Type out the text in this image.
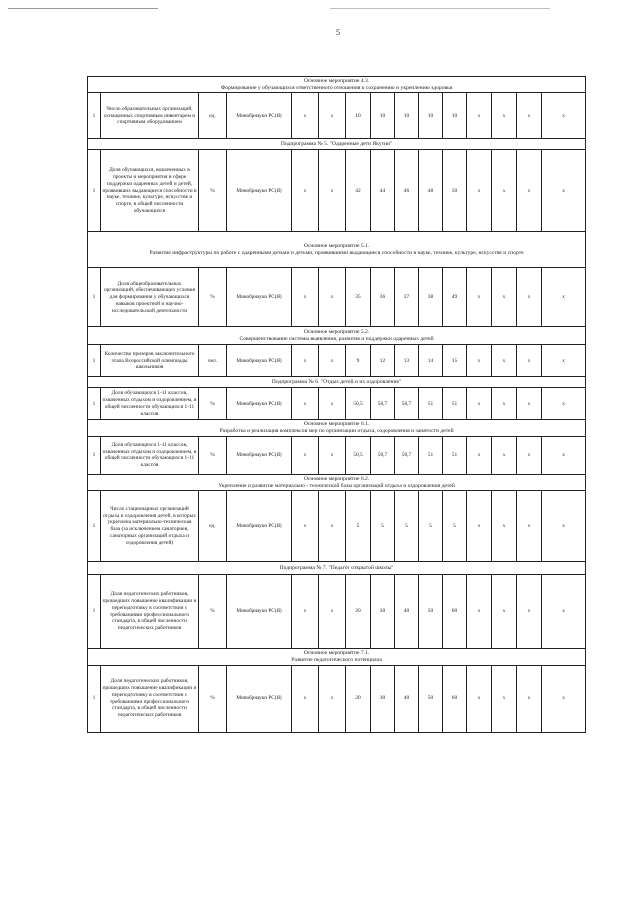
5
Основное мероприятие 4.3.
Формирование у обучающихся ответственного отношения к сохранению и укреплению здоровья														

1	Число образовательных организаций, оснащенных спортивным инвентарем и спортивным оборудованием	ед.	Минобрнауки РС(Я)	x	x	10	10	10	10	10	x	x	x	x

Подпрограмма № 5. "Одаренные дети Якутии"														

1	Доля обучающихся, вовлеченных в проекты и мероприятия в сфере поддержки одаренных детей и детей, проявивших выдающиеся способности в науке, технике, культуре, искусстве и спорте, в общей численности обучающихся	%	Минобрнауки РС(Я)	x	x	42	44	46	48	50	x	x	x	x

Основное мероприятие 5.1.
Развитие инфраструктуры по работе с одаренными детьми и детьми, проявившими выдающиеся способности в науке, технике, культуре, искусстве и спорте														

1	Доля общеобразовательных организаций, обеспечивающих условия для формирования у обучающихся навыков проектной и научно-исследовательской деятельности	%	Минобрнауки РС(Я)	x	x	35	36	37	38	49	x	x	x	x

Основное мероприятие 5.2.
Совершенствование системы выявления, развития и поддержки одаренных детей														

1	Количество призеров заключительного этапа Всероссийской олимпиады школьников	чел.	Минобрнауки РС(Я)	x	x	9	12	13	14	15	x	x	x	x

Подпрограмма № 6. "Отдых детей и их оздоровление"														

1	Доля обучающихся 1-11 классов, охваченных отдыхом и оздоровлением, в общей численности обучающихся 1-11 классов	%	Минобрнауки РС(Я)	x	x	50,5	50,7	50,7	51	51	x	x	x	x

Основное мероприятие 6.1.
Разработка и реализация комплексов мер по организации отдыха, оздоровления и занятости детей														

1	Доля обучающихся 1-11 классов, охваченных отдыхом и оздоровлением, в общей численности обучающихся 1-11 классов	%	Минобрнауки РС(Я)	x	x	50,5	50,7	50,7	51	51	x	x	x	x

Основное мероприятие 6.2.
Укрепление и развитие материально - технической базы организаций отдыха и оздоровления детей														

1	Число стационарных организаций отдыха и оздоровления детей, в которых укреплена материально-техническая база (за исключением санаториев, санаторных организаций отдыха и оздоровления детей)	ед.	Минобрнауки РС(Я)	x	x	5	5	5	5	5	x	x	x	x

Подпрограмма № 7. "Педагог открытой школы"														

1	Доля педагогических работников, прошедших повышение квалификации и переподготовку в соответствии с требованиями профессионального стандарта, в общей численности педагогических работников	%	Минобрнауки РС(Я)	x	x	20	30	40	50	60	x	x	x	x

Основное мероприятие 7.1.
Развитие педагогического потенциала														

1	Доля педагогических работников, прошедших повышение квалификации и переподготовку в соответствии с требованиями профессионального стандарта, в общей численности педагогических работников	%	Минобрнауки РС(Я)	x	x	20	30	40	50	60	x	x	x	x
